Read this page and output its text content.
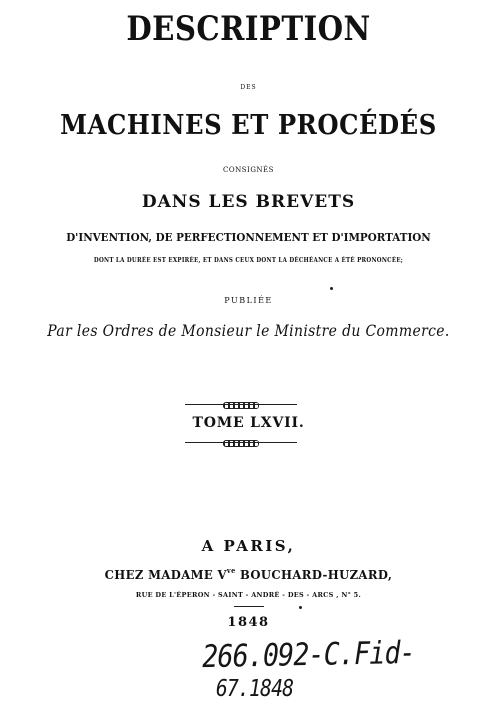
DESCRIPTION
DES
MACHINES ET PROCÉDÉS
CONSIGNÉS
DANS LES BREVETS
D'INVENTION, DE PERFECTIONNEMENT ET D'IMPORTATION
DONT LA DURÉE EST EXPIRÉE, ET DANS CEUX DONT LA DÉCHÉANCE A ÉTÉ PRONONCÉE;
PUBLIÉE
Par les Ordres de Monsieur le Ministre du Commerce.
TOME LXVII.
A PARIS,
CHEZ MADAME $V^{ve}$ BOUCHARD-HUZARD,
RUE DE L'ÉPERON - SAINT - ANDRÉ - DES - ARCS , N° 5.
1848
266.092-C.Fid-
67.1848
